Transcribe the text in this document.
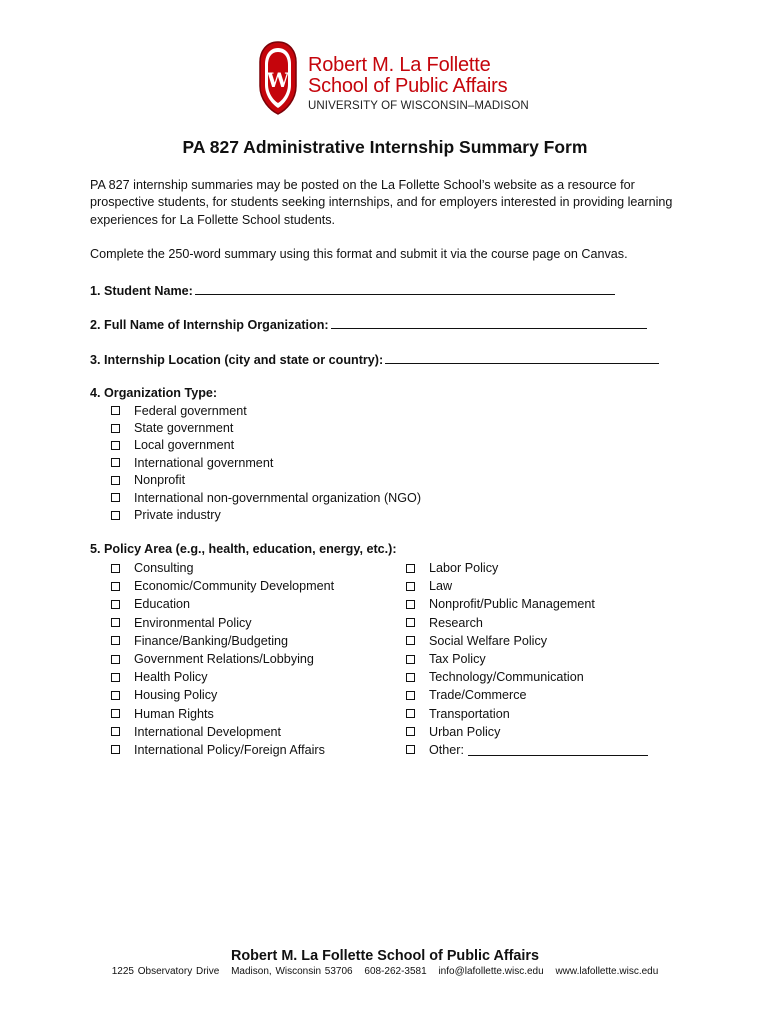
W
Robert M. La Follette
School of Public Affairs
UNIVERSITY OF WISCONSIN–MADISON
PA 827 Administrative Internship Summary Form

PA 827 internship summaries may be posted on the La Follette School’s website as a resource for prospective students, for students seeking internships, and for employers interested in providing learning experiences for La Follette School students.

Complete the 250-word summary using this format and submit it via the course page on Canvas.

1. Student Name:
2. Full Name of Internship Organization:
3. Internship Location (city and state or country):
4. Organization Type:
Federal government
State government
Local government
International government
Nonprofit
International non-governmental organization (NGO)
Private industry
5. Policy Area (e.g., health, education, energy, etc.):
Consulting
Economic/Community Development
Education
Environmental Policy
Finance/Banking/Budgeting
Government Relations/Lobbying
Health Policy
Housing Policy
Human Rights
International Development
International Policy/Foreign Affairs
Labor Policy
Law
Nonprofit/Public Management
Research
Social Welfare Policy
Tax Policy
Technology/Communication
Trade/Commerce
Transportation
Urban Policy
Other:
Robert M. La Follette School of Public Affairs
1225 Observatory Drive Madison, Wisconsin 53706 608-262-3581 info@lafollette.wisc.edu www.lafollette.wisc.edu
